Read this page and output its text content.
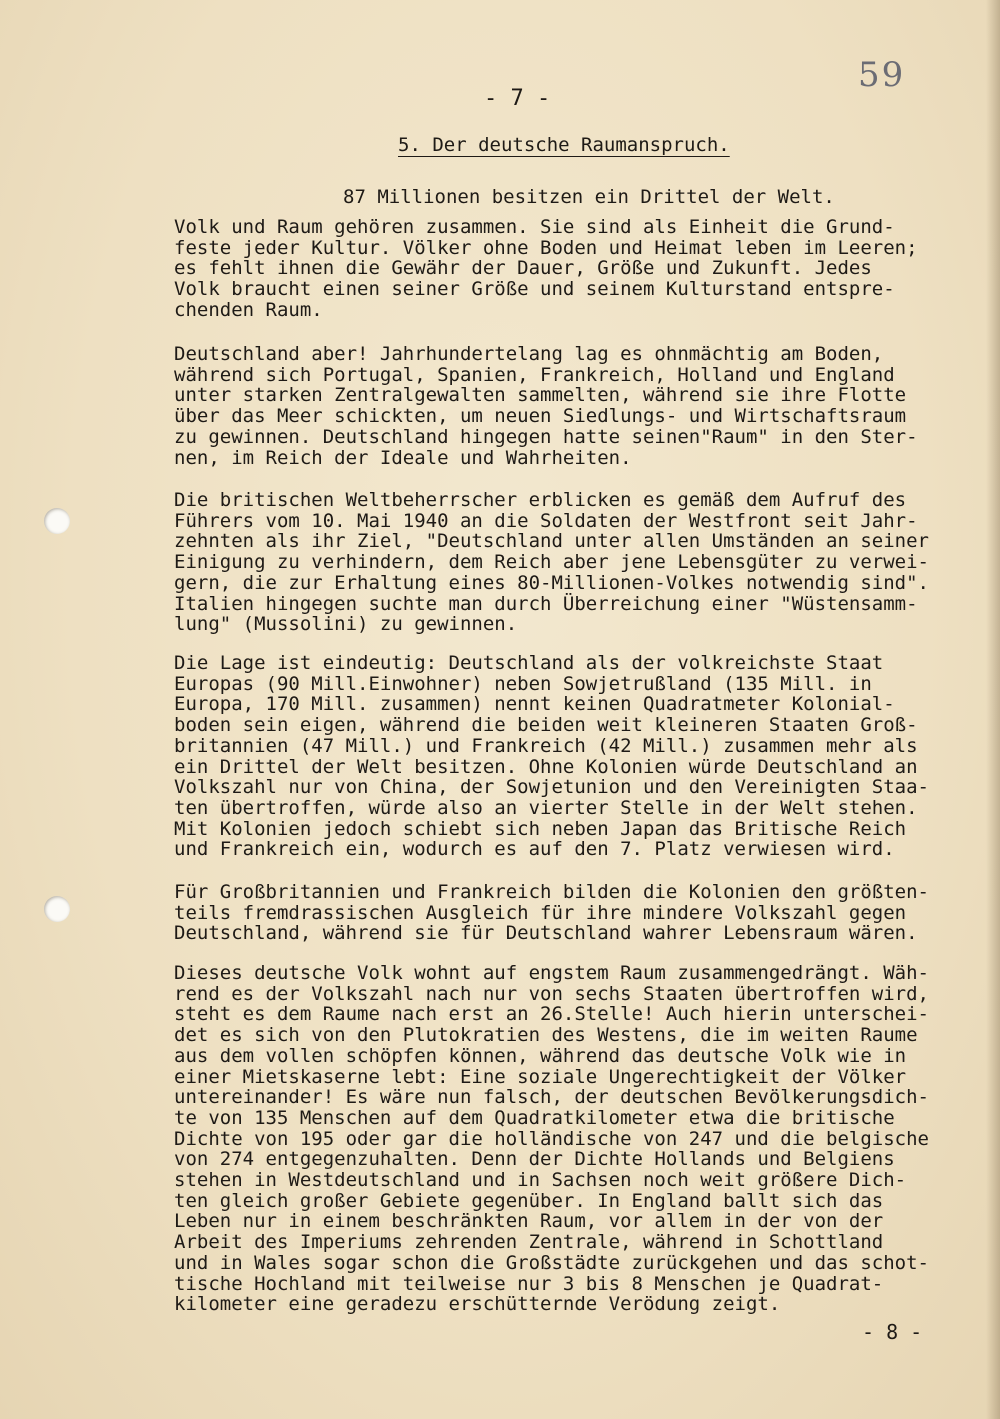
59
- 7 -
5. Der deutsche Raumanspruch.
87 Millionen besitzen ein Drittel der Welt.
Volk und Raum gehören zusammen. Sie sind als Einheit die Grund-
feste jeder Kultur. Völker ohne Boden und Heimat leben im Leeren;
es fehlt ihnen die Gewähr der Dauer, Größe und Zukunft. Jedes
Volk braucht einen seiner Größe und seinem Kulturstand entspre-
chenden Raum.
Deutschland aber! Jahrhundertelang lag es ohnmächtig am Boden,
während sich Portugal, Spanien, Frankreich, Holland und England
unter starken Zentralgewalten sammelten, während sie ihre Flotte
über das Meer schickten, um neuen Siedlungs- und Wirtschaftsraum
zu gewinnen. Deutschland hingegen hatte seinen"Raum" in den Ster-
nen, im Reich der Ideale und Wahrheiten.
Die britischen Weltbeherrscher erblicken es gemäß dem Aufruf des
Führers vom 10. Mai 1940 an die Soldaten der Westfront seit Jahr-
zehnten als ihr Ziel, "Deutschland unter allen Umständen an seiner
Einigung zu verhindern, dem Reich aber jene Lebensgüter zu verwei-
gern, die zur Erhaltung eines 80-Millionen-Volkes notwendig sind".
Italien hingegen suchte man durch Überreichung einer "Wüstensamm-
lung" (Mussolini) zu gewinnen.
Die Lage ist eindeutig: Deutschland als der volkreichste Staat
Europas (90 Mill.Einwohner) neben Sowjetrußland (135 Mill. in
Europa, 170 Mill. zusammen) nennt keinen Quadratmeter Kolonial-
boden sein eigen, während die beiden weit kleineren Staaten Groß-
britannien (47 Mill.) und Frankreich (42 Mill.) zusammen mehr als
ein Drittel der Welt besitzen. Ohne Kolonien würde Deutschland an
Volkszahl nur von China, der Sowjetunion und den Vereinigten Staa-
ten übertroffen, würde also an vierter Stelle in der Welt stehen.
Mit Kolonien jedoch schiebt sich neben Japan das Britische Reich
und Frankreich ein, wodurch es auf den 7. Platz verwiesen wird.
Für Großbritannien und Frankreich bilden die Kolonien den größten-
teils fremdrassischen Ausgleich für ihre mindere Volkszahl gegen
Deutschland, während sie für Deutschland wahrer Lebensraum wären.
Dieses deutsche Volk wohnt auf engstem Raum zusammengedrängt. Wäh-
rend es der Volkszahl nach nur von sechs Staaten übertroffen wird,
steht es dem Raume nach erst an 26.Stelle! Auch hierin unterschei-
det es sich von den Plutokratien des Westens, die im weiten Raume
aus dem vollen schöpfen können, während das deutsche Volk wie in
einer Mietskaserne lebt: Eine soziale Ungerechtigkeit der Völker
untereinander! Es wäre nun falsch, der deutschen Bevölkerungsdich-
te von 135 Menschen auf dem Quadratkilometer etwa die britische
Dichte von 195 oder gar die holländische von 247 und die belgische
von 274 entgegenzuhalten. Denn der Dichte Hollands und Belgiens
stehen in Westdeutschland und in Sachsen noch weit größere Dich-
ten gleich großer Gebiete gegenüber. In England ballt sich das
Leben nur in einem beschränkten Raum, vor allem in der von der
Arbeit des Imperiums zehrenden Zentrale, während in Schottland
und in Wales sogar schon die Großstädte zurückgehen und das schot-
tische Hochland mit teilweise nur 3 bis 8 Menschen je Quadrat-
kilometer eine geradezu erschütternde Verödung zeigt.
- 8 -
